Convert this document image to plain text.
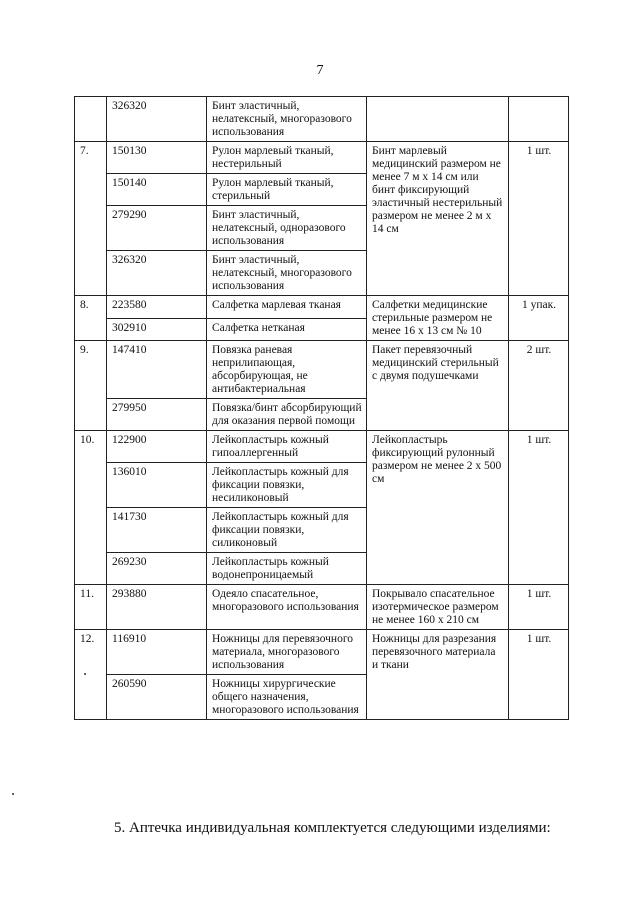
7
	326320	Бинт эластичный, нелатексный, многоразового использования		
7.	150130	Рулон марлевый тканый, нестерильный	Бинт марлевый медицинский размером не менее 7 м х 14 см или бинт фиксирующий эластичный нестерильный размером не менее 2 м х 14 см	1 шт.
	150140	Рулон марлевый тканый, стерильный		
	279290	Бинт эластичный, нелатексный, одноразового использования		
	326320	Бинт эластичный, нелатексный, многоразового использования		
8.	223580	Салфетка марлевая тканая	Салфетки медицинские стерильные размером не менее 16 х 13 см № 10	1 упак.
	302910	Салфетка нетканая		
9.	147410	Повязка раневая неприлипающая, абсорбирующая, не антибактериальная	Пакет перевязочный медицинский стерильный с двумя подушечками	2 шт.
	279950	Повязка/бинт абсорбирующий для оказания первой помощи		
10.	122900	Лейкопластырь кожный гипоаллергенный	Лейкопластырь фиксирующий рулонный размером не менее 2 х 500 см	1 шт.
	136010	Лейкопластырь кожный для фиксации повязки, несиликоновый		
	141730	Лейкопластырь кожный для фиксации повязки, силиконовый		
	269230	Лейкопластырь кожный водонепроницаемый		
11.	293880	Одеяло спасательное, многоразового использования	Покрывало спасательное изотермическое размером не менее 160 х 210 см	1 шт.
12.	116910	Ножницы для перевязочного материала, многоразового использования	Ножницы для разрезания перевязочного материала и ткани	1 шт.
	260590	Ножницы хирургические общего назначения, многоразового использования		
5. Аптечка индивидуальная комплектуется следующими изделиями:
